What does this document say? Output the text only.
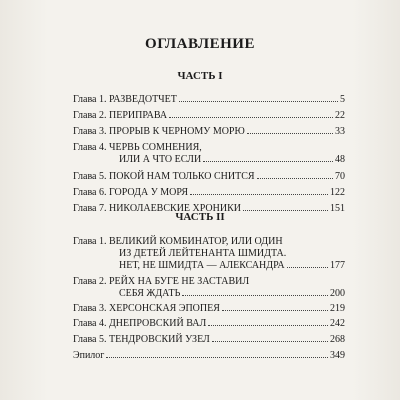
ОГЛАВЛЕНИЕ
ЧАСТЬ I
Глава 1. РАЗВЕДОТЧЕТ	5
Глава 2. ПЕРИПРАВА	22
Глава 3. ПРОРЫВ К ЧЕРНОМУ МОРЮ	33
Глава 4. ЧЕРВЬ СОМНЕНИЯ,
ИЛИ А ЧТО ЕСЛИ	48
Глава 5. ПОКОЙ НАМ ТОЛЬКО СНИТСЯ	70
Глава 6. ГОРОДА У МОРЯ	122
Глава 7. НИКОЛАЕВСКИЕ ХРОНИКИ	151
ЧАСТЬ II
Глава 1. ВЕЛИКИЙ КОМБИНАТОР, ИЛИ ОДИН
ИЗ ДЕТЕЙ ЛЕЙТЕНАНТА ШМИДТА.
НЕТ, НЕ ШМИДТА — АЛЕКСАНДРА	177
Глава 2. РЕЙХ НА БУГЕ НЕ ЗАСТАВИЛ
СЕБЯ ЖДАТЬ	200
Глава 3. ХЕРСОНСКАЯ ЭПОПЕЯ	219
Глава 4. ДНЕПРОВСКИЙ ВАЛ	242
Глава 5. ТЕНДРОВСКИЙ УЗЕЛ	268
Эпилог	349
